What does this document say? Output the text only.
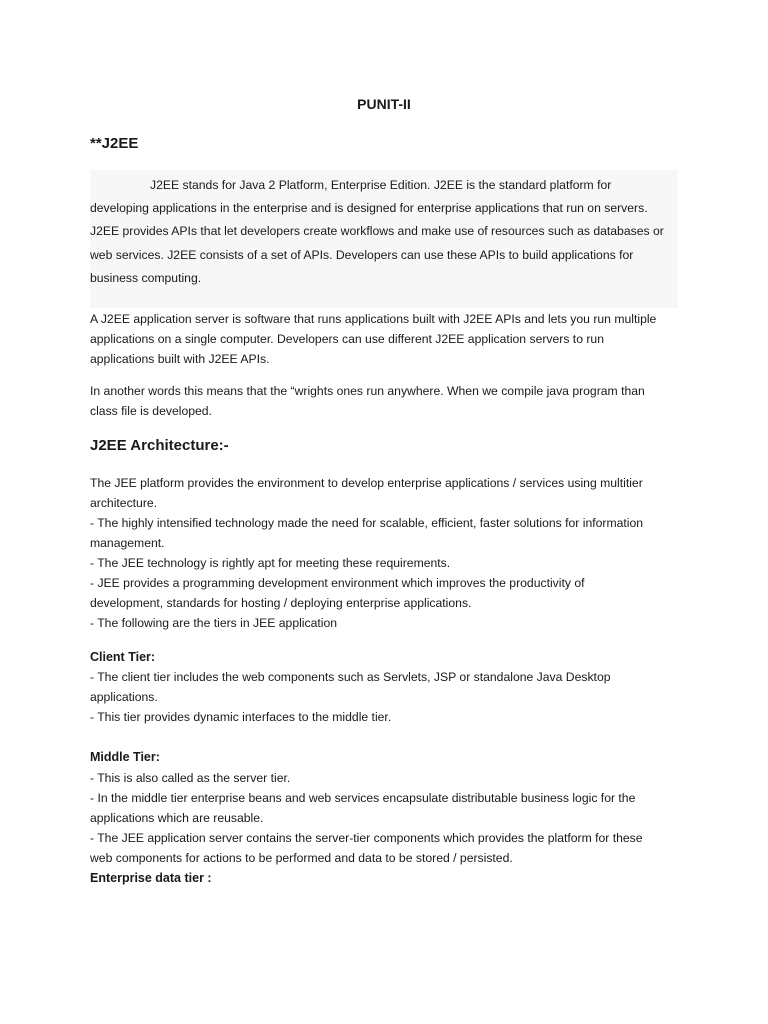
PUNIT-II
**J2EE
J2EE stands for Java 2 Platform, Enterprise Edition. J2EE is the standard platform for
developing applications in the enterprise and is designed for enterprise applications that run on servers.
J2EE provides APIs that let developers create workflows and make use of resources such as databases or
web services. J2EE consists of a set of APIs. Developers can use these APIs to build applications for
business computing.
A J2EE application server is software that runs applications built with J2EE APIs and lets you run multiple
applications on a single computer. Developers can use different J2EE application servers to run
applications built with J2EE APIs.
In another words this means that the “wrights ones run anywhere. When we compile java program than
class file is developed.
J2EE Architecture:-
The JEE platform provides the environment to develop enterprise applications / services using multitier
architecture.
- The highly intensified technology made the need for scalable, efficient, faster solutions for information
management.
- The JEE technology is rightly apt for meeting these requirements.
- JEE provides a programming development environment which improves the productivity of
development, standards for hosting / deploying enterprise applications.
- The following are the tiers in JEE application
Client Tier:
- The client tier includes the web components such as Servlets, JSP or standalone Java Desktop
applications.
- This tier provides dynamic interfaces to the middle tier.
Middle Tier:
- This is also called as the server tier.
- In the middle tier enterprise beans and web services encapsulate distributable business logic for the
applications which are reusable.
- The JEE application server contains the server-tier components which provides the platform for these
web components for actions to be performed and data to be stored / persisted.
Enterprise data tier :
